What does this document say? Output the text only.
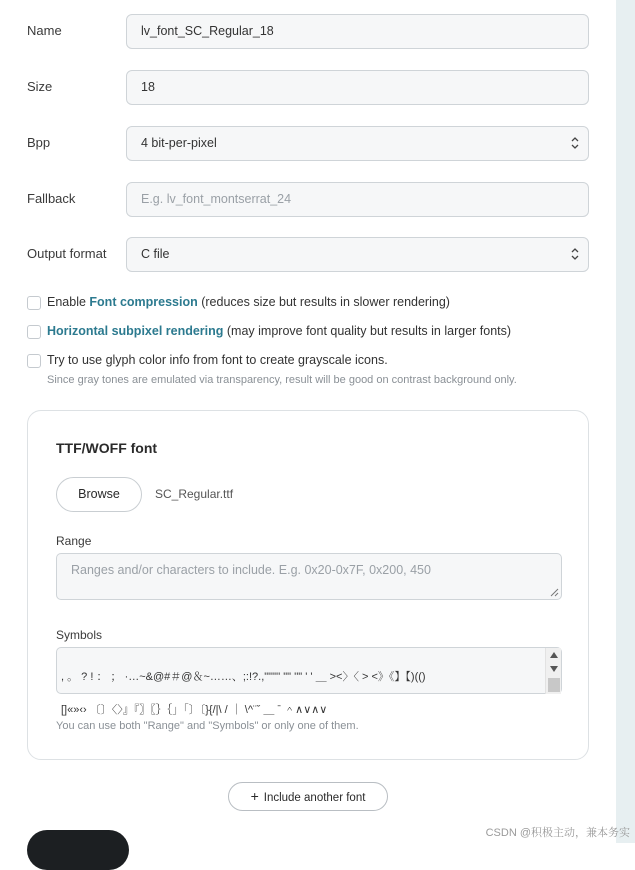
Name	lv_font_SC_Regular_18
Size	18
Bpp	4 bit-per-pixel
Fallback	E.g. lv_font_montserrat_24
Output format	C file
Enable Font compression (reduces size but results in slower rendering)
Horizontal subpixel rendering (may improve font quality but results in larger fonts)
Try to use glyph color info from font to create grayscale icons.
Since gray tones are emulated via transparency, result will be good on contrast background only.
TTF/WOFF font
Browse	SC_Regular.ttf
Range
Ranges and/or characters to include. E.g. 0x20-0x7F, 0x200, 450
Symbols

, 。 ? ! ： ； ·…~&@#＃@＆~……、;:!?.,"""'' "" ''" ' ' ＿ ><〉〈 > <》《】【)(()

[]«»‹› 〔〕〈〉』『〗〖｝｛」「〕〔}{/|\ / ｜ \^¨ˇ ＿ ˉ ＾∧∨∧∨

You can use both "Range" and "Symbols" or only one of them.
+ Include another font
CSDN @积极主动，兼本务实
